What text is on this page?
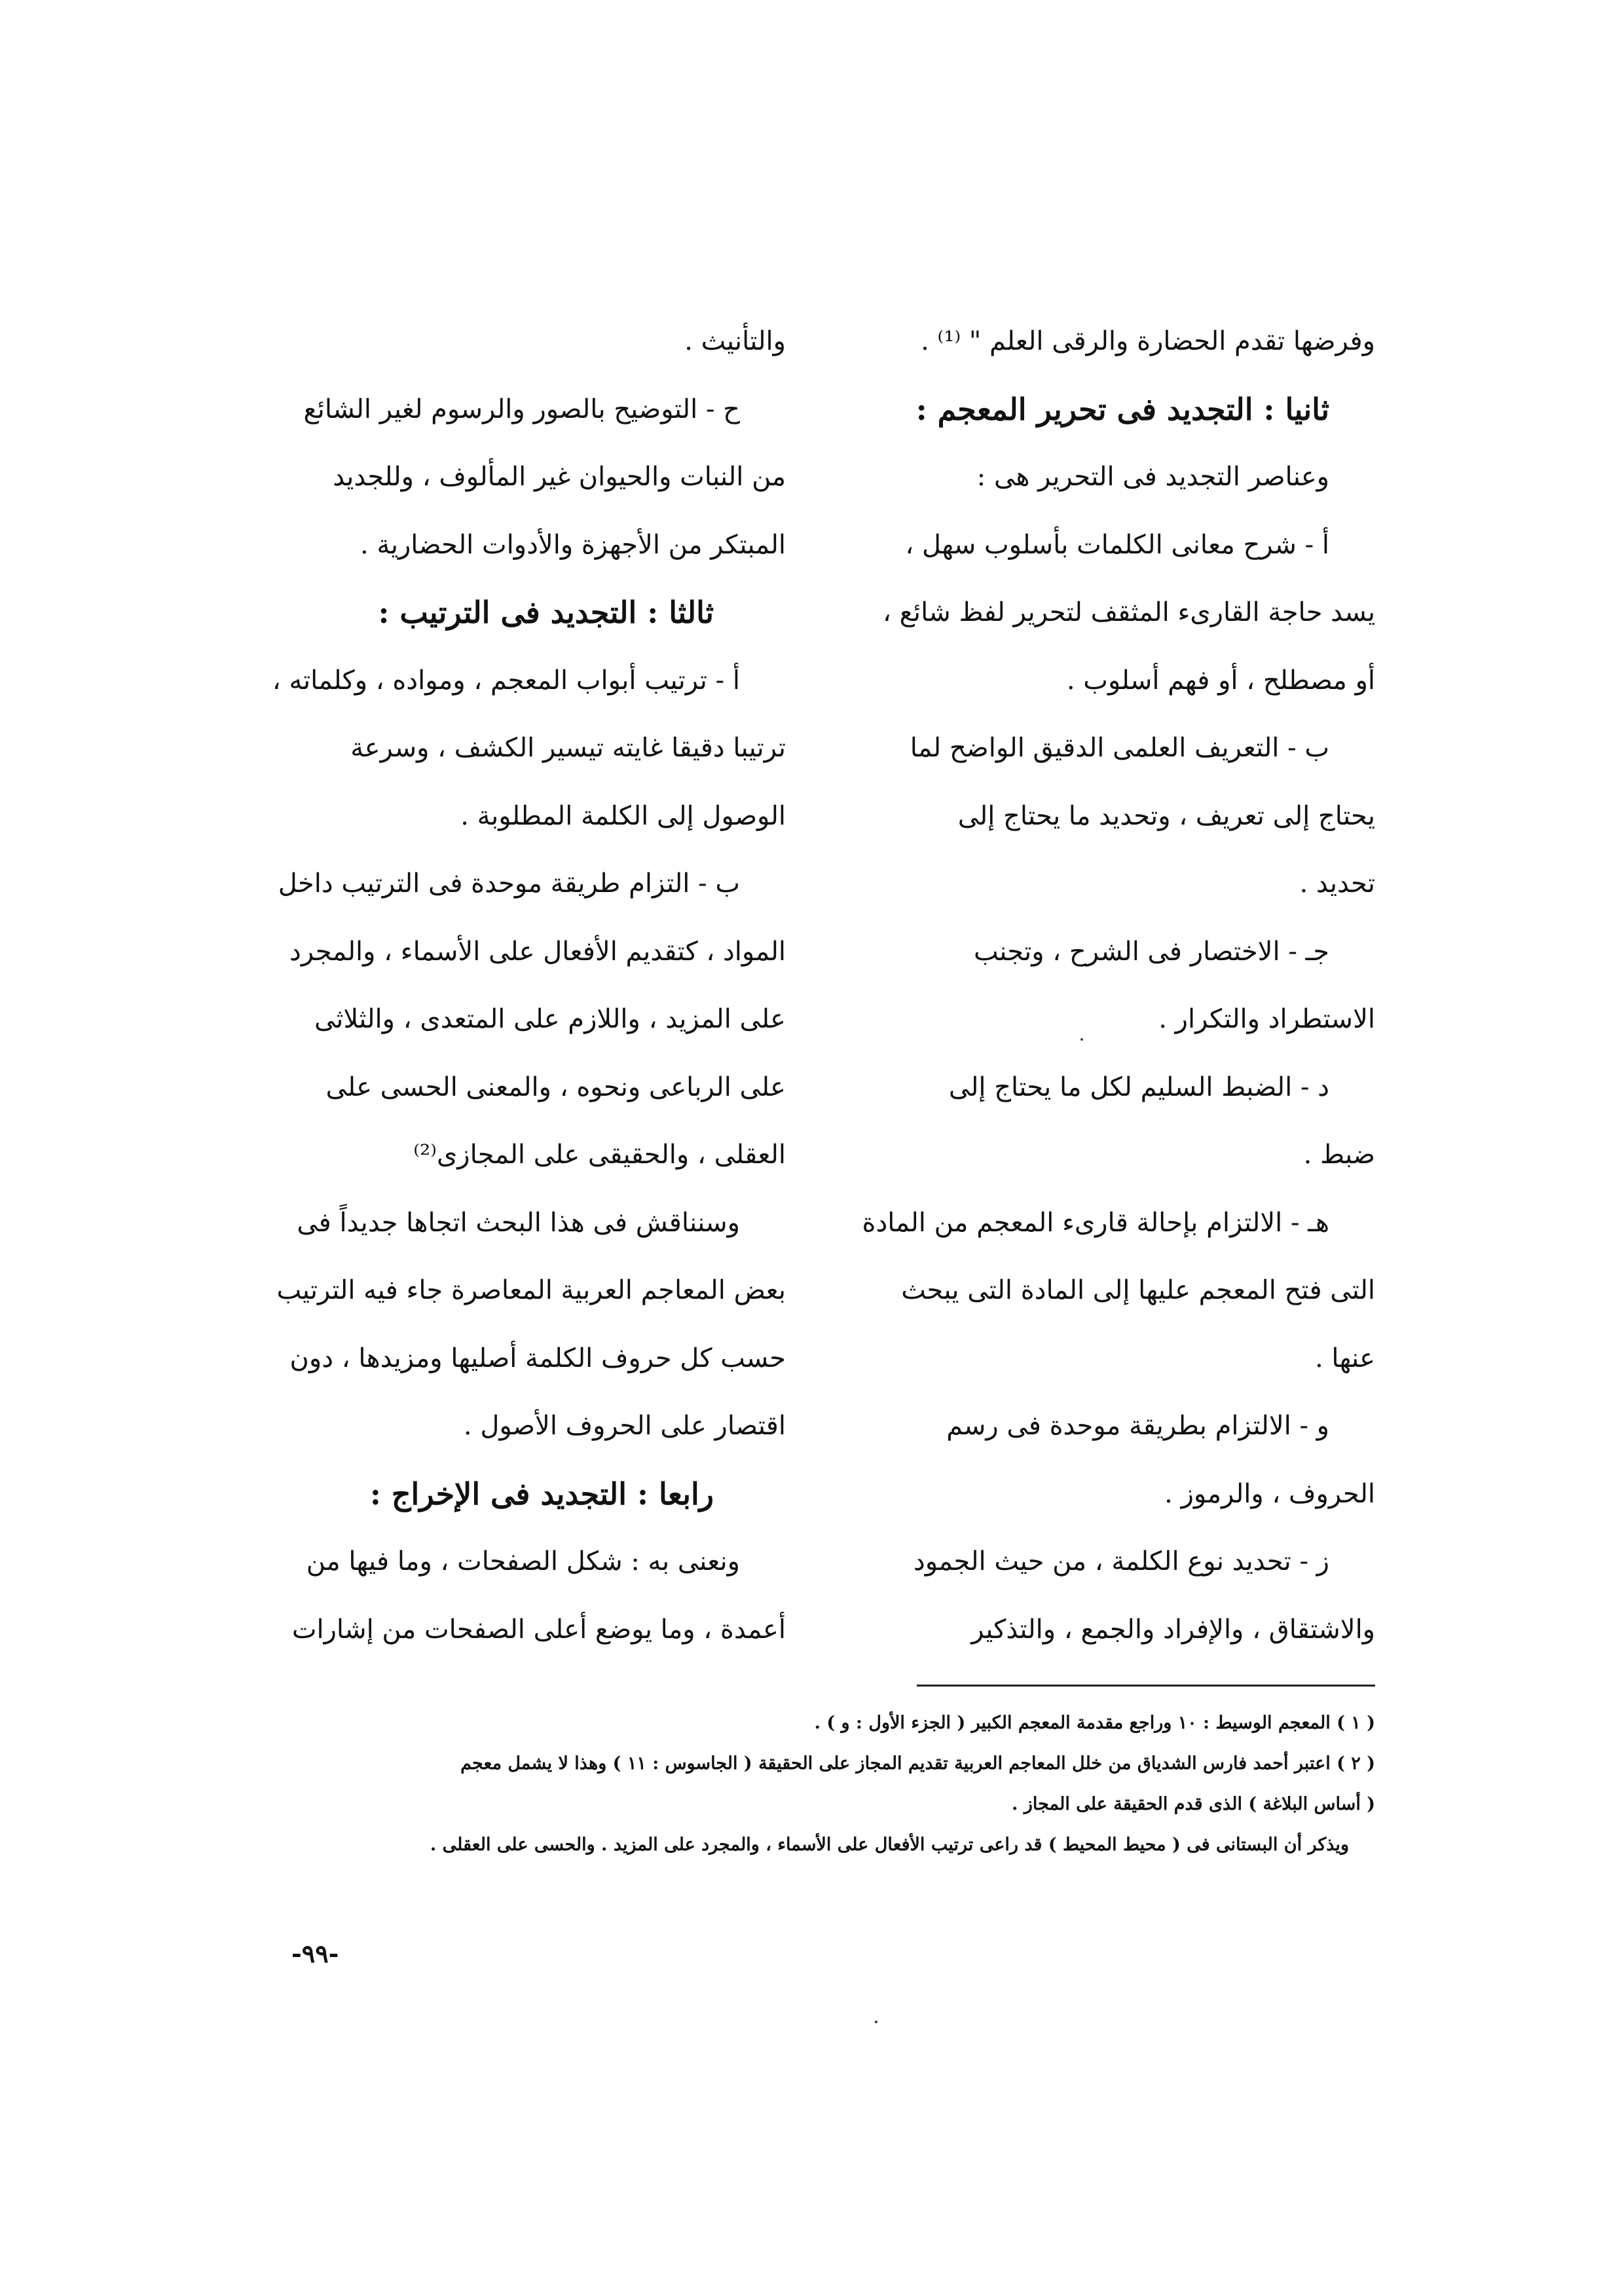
وفرضها تقدم الحضارة والرقى العلم " ⁽¹⁾ .
ثانيا : التجديد فى تحرير المعجم :
وعناصر التجديد فى التحرير هى :
أ - شرح معانى الكلمات بأسلوب سهل ،
يسد حاجة القارىء المثقف لتحرير لفظ شائع ،
أو مصطلح ، أو فهم أسلوب .
ب - التعريف العلمى الدقيق الواضح لما
يحتاج إلى تعريف ، وتحديد ما يحتاج إلى
تحديد .
جـ - الاختصار فى الشرح ، وتجنب
الاستطراد والتكرار .
د - الضبط السليم لكل ما يحتاج إلى
ضبط .
هـ - الالتزام بإحالة قارىء المعجم من المادة
التى فتح المعجم عليها إلى المادة التى يبحث
عنها .
و - الالتزام بطريقة موحدة فى رسم
الحروف ، والرموز .
ز - تحديد نوع الكلمة ، من حيث الجمود
والاشتقاق ، والإفراد والجمع ، والتذكير
والتأنيث .
ح - التوضيح بالصور والرسوم لغير الشائع
من النبات والحيوان غير المألوف ، وللجديد
المبتكر من الأجهزة والأدوات الحضارية .
ثالثا : التجديد فى الترتيب :
أ - ترتيب أبواب المعجم ، ومواده ، وكلماته ،
ترتيبا دقيقا غايته تيسير الكشف ، وسرعة
الوصول إلى الكلمة المطلوبة .
ب - التزام طريقة موحدة فى الترتيب داخل
المواد ، كتقديم الأفعال على الأسماء ، والمجرد
على المزيد ، واللازم على المتعدى ، والثلاثى
على الرباعى ونحوه ، والمعنى الحسى على
العقلى ، والحقيقى على المجازى⁽²⁾
وسنناقش فى هذا البحث اتجاها جديداً فى
بعض المعاجم العربية المعاصرة جاء فيه الترتيب
حسب كل حروف الكلمة أصليها ومزيدها ، دون
اقتصار على الحروف الأصول .
رابعا : التجديد فى الإخراج :
ونعنى به : شكل الصفحات ، وما فيها من
أعمدة ، وما يوضع أعلى الصفحات من إشارات
( ١ ) المعجم الوسيط : ١٠ وراجع مقدمة المعجم الكبير ( الجزء الأول : و ) .
( ٢ ) اعتبر أحمد فارس الشدياق من خلل المعاجم العربية تقديم المجاز على الحقيقة ( الجاسوس : ١١ ) وهذا لا يشمل معجم
( أساس البلاغة ) الذى قدم الحقيقة على المجاز .
ويذكر أن البستانى فى ( محيط المحيط ) قد راعى ترتيب الأفعال على الأسماء ، والمجرد على المزيد . والحسى على العقلى .
-٩٩-
